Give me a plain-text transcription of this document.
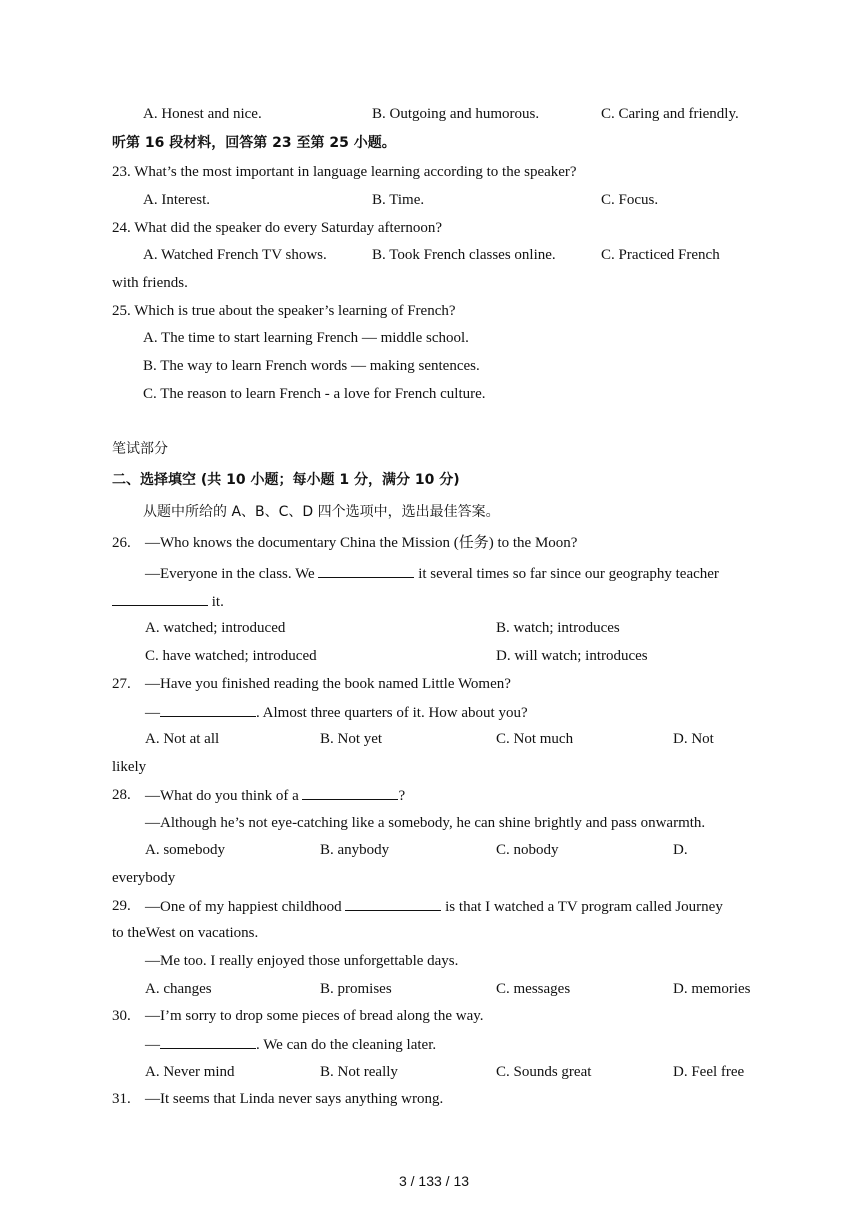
A. Honest and nice.	B. Outgoing and humorous.	C. Caring and friendly.
听第 16 段材料，回答第 23 至第 25 小题。
23. What’s the most important in language learning according to the speaker?
A. Interest.	B. Time.	C. Focus.
24. What did the speaker do every Saturday afternoon?
A. Watched French TV shows.	B. Took French classes online.	C. Practiced French
with friends.
25. Which is true about the speaker’s learning of French?
A. The time to start learning French — middle school.
B. The way to learn French words — making sentences.
C. The reason to learn French - a love for French culture.
笔试部分
二、选择填空 (共 10 小题；每小题 1 分，满分 10 分)
从题中所给的 A、B、C、D 四个选项中，选出最佳答案。
26. —Who knows the documentary China the Mission (任务) to the Moon?
—Everyone in the class. We	it several times so far since our geography teacher
it.
A. watched; introduced	B. watch; introduces
C. have watched; introduced	D. will watch; introduces
27. —Have you finished reading the book named Little Women?
—	. Almost three quarters of it. How about you?
A. Not at all	B. Not yet	C. Not much	D. Not
likely
28. —What do you think of a	?
—Although he’s not eye-catching like a somebody, he can shine brightly and pass onwarmth.
A. somebody	B. anybody	C. nobody	D.
everybody
29. —One of my happiest childhood	is that I watched a TV program called Journey
to theWest on vacations.
—Me too. I really enjoyed those unforgettable days.
A. changes	B. promises	C. messages	D. memories
30. —I’m sorry to drop some pieces of bread along the way.
—	. We can do the cleaning later.
A. Never mind	B. Not really	C. Sounds great	D. Feel free
31. —It seems that Linda never says anything wrong.
3 / 133 / 13
